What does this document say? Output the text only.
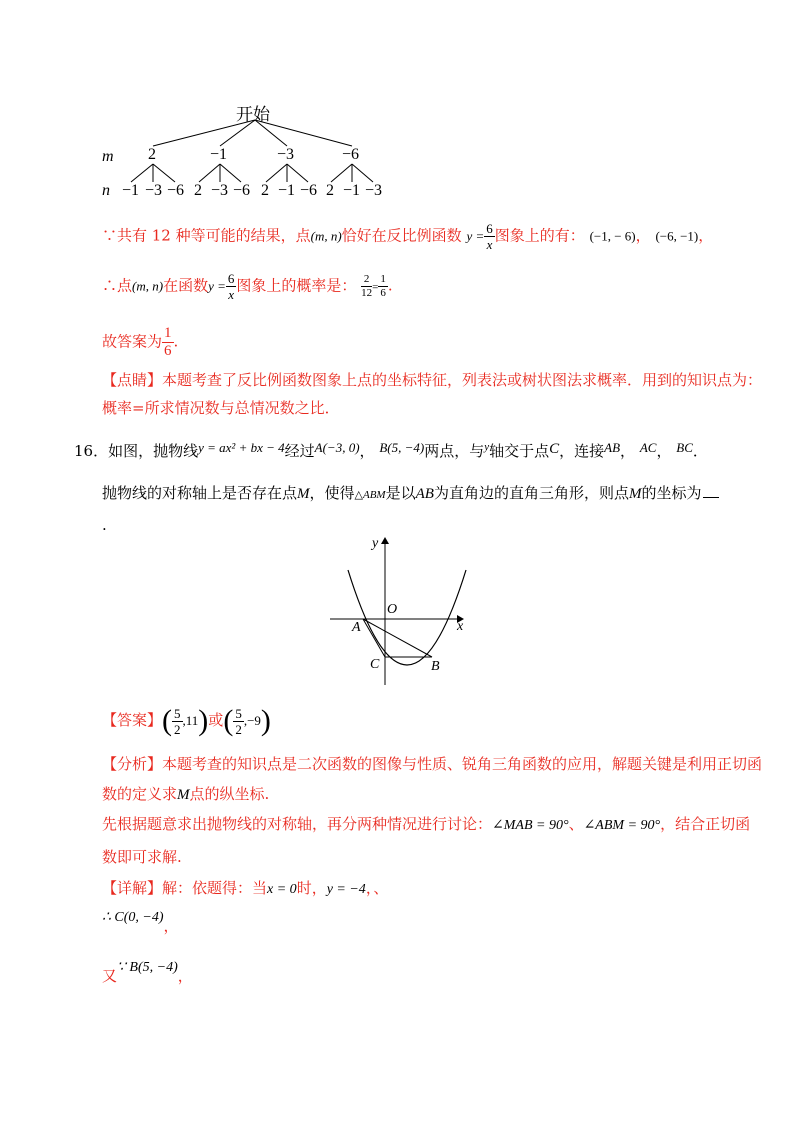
开始
m
n
2	−1	−3	−6
−1 −3 −6 2 −3 −6 2 −1 −6 2 −1 −3
∵共有 12 种等可能的结果，点(m, n)恰好在反比例函数 $y = \frac{6}{x}$ 图象上的有： (−1, − 6)， (−6, −1)，
∴点(m, n)在函数$y = \frac{6}{x}$ 图象上的概率是： $\frac{2}{12} = \frac{1}{6}$ .
故答案为 $\frac{1}{6}$ .
【点睛】本题考查了反比例函数图象上点的坐标特征，列表法或树状图法求概率．用到的知识点为：
概率=所求情况数与总情况数之比．
16．如图，抛物线y = ax² + bx − 4经过A(−3, 0)， B(5, −4)两点，与$^y$轴交于点C，连接AB， AC， BC．
抛物线的对称轴上是否存在点M，使得△ABM是以AB为直角边的直角三角形，则点M的坐标为
.
y
x
O
A
C	B
【答案】( $\frac{5}{2} ,11$)或( $\frac{5}{2} ,-9$)
【分析】本题考查的知识点是二次函数的图像与性质、锐角三角函数的应用，解题关键是利用正切函
数的定义求M点的纵坐标.
先根据题意求出抛物线的对称轴，再分两种情况进行讨论：∠MAB = 90°、∠ABM = 90°，结合正切函
数即可求解.
【详解】解：依题得：当x = 0时，y = −4，、
∴ C(0, −4)，
又∵ B(5, −4)，
